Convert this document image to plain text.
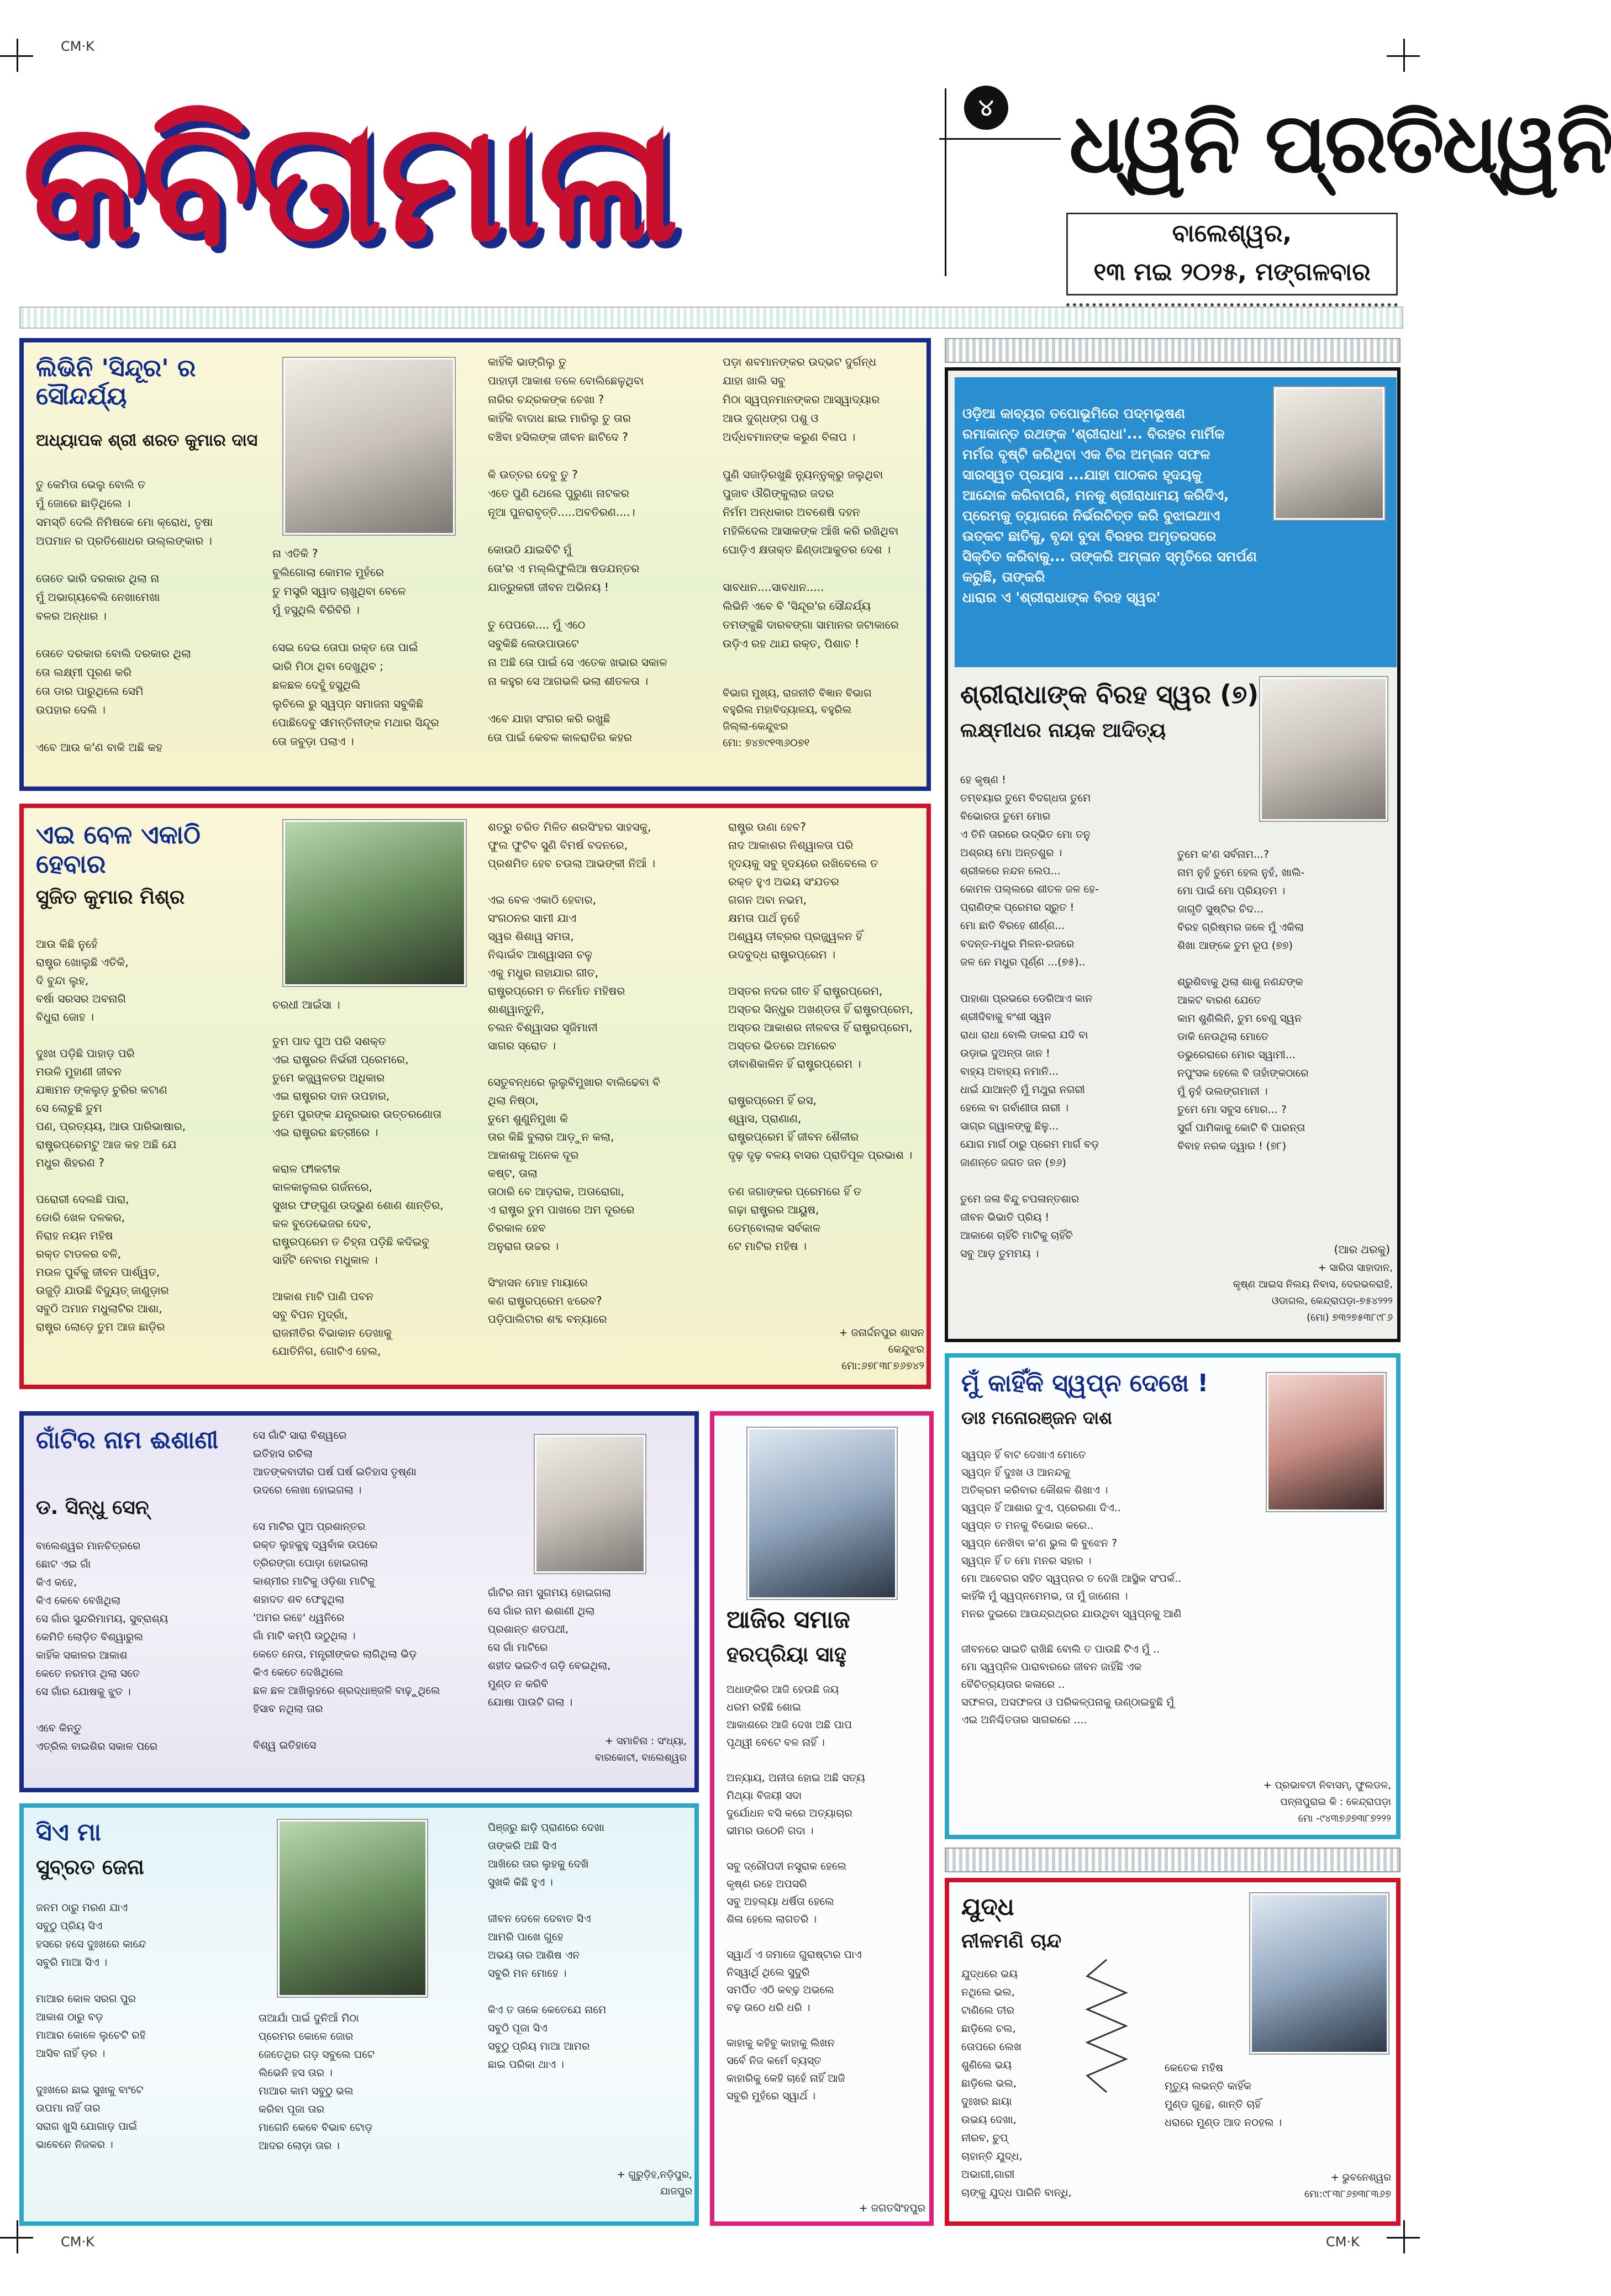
CM·K
CM·K	CM·K
କବିତାମାଳା	୪ ଧ୍ୱନି ପ୍ରତିଧ୍ୱନି
ବାଲେଶ୍ୱର,
୧୩ ମଇ ୨୦୨୫, ମଙ୍ଗଳବାର
ଲିଭିନି 'ସିନ୍ଦୂର' ର ସୌନ୍ଦର୍ଯ୍ୟ
ଅଧ୍ୟାପକ ଶ୍ରୀ ଶରତ କୁମାର ଦାସ
ତୁ କେମିତା ଭେଲୁ ବୋଲି ତ
ମୁଁ ଜୋରେ ଛାଡ଼ିଥିଲେ ।
ସମସ୍ତି ଦେଲି ନିମିଷକେ ମୋ କ୍ରୋଧ, ତୃଷା
ଅପମାନ ର ପ୍ରତିଶୋଧର ଉଲ୍ଲଙ୍କାର ।

ତୋତେ ଭାରି ଦରକାର ଥିଲା ନା
ମୁଁ ଅଭାଗ୍ୟବେଲି ନେଖାମେଖା
ବଳର ଅନ୍ଧାର ।

ତୋତେ ଦରକାର ବୋଲି ଦରକାର ଥିଲା
ତୋ ଲକ୍ଷ୍ମୀ ପୂରଣ କରି
ତୋ ଡାର ପାରୁଥିଲେ ସେମି
ଉପହାର ଦେଲି ।

ଏବେ ଆଉ କ'ଣ ବାକି ଅଛି କହ
ନା ଏତିକି ?
ବୁଲିଗୋଲା କୋମଳ ମୁହଁରେ
ତୁ ମସ୍ତ୍ରି ସ୍ୱାଦ ଚାଖୁଥିବା ବେଳେ
ମୁଁ ହସୁଥିଲି ବିରିବିରି ।

ସେଇ ଦେଇ ତୋପା ରକ୍ତ ତୋ ପାଇଁ
ଭାରି ମିଠା ଥିବା ଦେଖୁଥିବ ;
ଛଳଛଳ ଦେହୁଁ ହସୁଥିଲି
ଲୁଚିଲେ ରୁ ସ୍ୱପ୍ନ ସମାଜନା ସବୁକିଛି
ପୋଛିଦେବୁ ସୀମନ୍ତିନୀଙ୍କ ମଥାର ସିନ୍ଦୂର
ତୋ ଜବୁଡ଼ା ପଲାଏ ।
କାହିଁକି ଭାଙ୍ଗିଲୁ ତୁ
ପାହାଡ଼ୀ ଆକାଶ ତଳେ ବୋଲିଛେଳୁଥିବା
ନାରିର ଚନ୍ଦ୍ରକଙ୍କ ଚେଖା ?
କାହିଁକି ବାଦାଧ ଛାଇ ମାରିଲୁ ତୁ ତାର
ବଞ୍ଚିବା ହସିଲଙ୍କ ଜୀବନ ଛାଟିଦେ ?

କି ଉତ୍ତର ଦେବୁ ତୁ ?
ଏତେ ପୁଣି ଥେଲେ ପୁରୁଣା ନାଟକର
ନୂଆ ପୁନରାବୃତ୍ତି.....ଅବତିରଣ....।

କୋଉଠି ଯାଇବିଟି ମୁଁ
ତୋ'ର ଏ ମଲ୍ଲିଫୁଲିଆ ଷଡଯନ୍ତର
ଯାତ୍ରୁକରୀ ଜୀବନ ଅଭିନୟ !

ତୁ ପେପରେ.... ମୁଁ ଏଠେ
ସବୁକିଛି ଲେଉପାଉଟେ
ନା ଅଛି ତୋ ପାଇଁ ସେ ଏତେକ ଖଭାର ସକାଳ
ନା କହୁର ସେ ଆଗଭଳି ଭଲା ଶୀତଳତା ।

ଏବେ ଯାହା ସଂଗର କରି ରଖୁଛି
ତୋ ପାଇଁ କେବଳ କାଳରାତିର କହର
ପଡ଼ା ଶବମାନଙ୍କର ଉଦ୍ଭଟ ଦୁର୍ଗନ୍ଧ
ଯାହା ଖାଲି ସବୁ
ମିଠା ସ୍ୱପ୍ନମାନଙ୍କର ଆସ୍ୱାଦ୍ୟାର
ଆଉ ଦୁଗ୍ଧଙ୍ଗ ପଶୁ ଓ
ଅର୍ଦ୍ଧବମାନଙ୍କ କରୁଣ ବିଳାପ ।

ପୁଣି ସଜାଡ଼ିରଖୁଛି ନ୍ୟୁନ୍ନୁକ୍ରୁ ଜଲୁଥିବା
ପୁଜାବ ଔଗିଙ୍କୁଲାର ଜଦର
ନିର୍ମମ ଅନ୍ଧକାର ଅବଶେଷି ଦହନ
ମହିଳିଦେଲ ଆସାକଙ୍କ ଆଁଖି କରି ରଖିଥିବା
ଘୋଡ଼ିଏ କ୍ଷତାକ୍ତ ଛିଣ୍ଡାଆକୁତର ଦେଶ ।

ସାବଧାନ....ସାବଧାନ.....
ଲିଭିନି ଏବେ ବି 'ସିନ୍ଦୂର'ର ସୌନ୍ଦର୍ଯ୍ୟ
ତମଙ୍କୁଛି ଦାରବଙ୍ଗା ସାମାନର ଜଟାକାରେ
ଉଡ଼ିଏ ରହ ଥାଯ ରକ୍ତ, ପିଶାଚ !
ବିଭାଗ ମୁଖ୍ୟ, ରାଜନୀତି ବିଜ୍ଞାନ ବିଭାଗ
ବହୁରିଲ ମହାବିଦ୍ୟାଳୟ, ବହୁରିଲ
ଜିଲ୍ଲା-କେନ୍ଦୁଝର
ମୋ: ୭୪୭୯୧୩୬୦୭୧
ଏଇ ବେଳ ଏକାଠି ହେବାର
ସୁଜିତ କୁମାର ମିଶ୍ର
ଆଉ କିଛି ନୁହେଁ
ରାଷ୍ଟ୍ର ଖୋଲୁଛି ଏତିକି,
ଦି ବୁନ୍ଦା ଲୁହ,
ବର୍ଷା ସରସର ଅବନାଗି
ବିଧୁରା ଜୋହ ।

ଦୁଃଖ ପଡ଼ିଛି ପାହାଡ଼ ପରି
ମଉଳି ମୁହାଣୀ ଜୀବନ
ଯଜ୍ଞାମନ ଙ୍କଲୁଡ଼ ଚୁରିର କଟାଣ
ସେ ଲୋଚୁଛି ତୁମ
ପଣ, ପ୍ରତ୍ୟୟ, ଆଉ ପାରିଭାଷାର,
ରାଷ୍ଟ୍ରପ୍ରେମଟୁ ଆଜ କହ ଅଛି ଯେ
ମଧୁର ଶିହରଣ ?

ପରୋରୀ ଦେଲଛି ପାରା,
ଡୋରି ଖେଳ ଦଳକର,
ନିରାହ ନୟନ ମହିଷ
ରକ୍ତ ଟାଡଳର ବଳି,
ମଉଳ ପୁର୍ବକୁ ଜୀବନ ପାର୍ଶ୍ୱତ,
ଉଜୁଡ଼ି ଯାଉଛି ବିଦ୍ୟୁତ୍ ଜାଣୁଡ଼ାର
ସବୁଠି ଅମାନ ମଧୁଲାଟିର ଆଶା,
ରାଷ୍ଟ୍ର ଲୋଡ଼େ ତୁମ ଆଜ ଛାଡ଼ିର
ଚରଧୀ ଆଇଁସା ।

ତୁମ ପାଦ ପୁଅ ପରି ସଶକ୍ତ
ଏଇ ରାଷ୍ଟ୍ରର ନିର୍ଭରୀ ପ୍ରେମରେ,
ତୁମେ କଜ୍ଜ୍ୱଳତର ଅଧିକାର
ଏଇ ରାଷ୍ଟ୍ରର ଦାନ ଉପହାର,
ତୁମେ ପୁରଙ୍କ ଯନ୍ତ୍ରଭାର ଉତ୍ତରଣୋତା
ଏଇ ରାଷ୍ଟ୍ରର ଛତ୍ରୀରେ ।

କରାଳ ଫୀକଟୀକ
କାଳକାଳୁଲର ଗର୍ଜନରେ,
ସୁଖର ଫଙ୍ଗୁଣ ଉଦ୍ଭୁଣ ଶୋଣ ଶାନ୍ତିର,
କଳ ବୁଡେଭେଜର ଦେବ,
ରାଷ୍ଟ୍ରପ୍ରେମ ତ ଚିହ୍ନା ପଡ଼ିଛି କଦିଇବୁ
ସାହିଁଟି ନେବାର ମଧୁକାଳ ।

ଆକାଶ ମାଟି ପାଣି ପବନ
ସବୁ ବିପନ ମୁଦ୍ରାଁ,
ରାଜନୀତିର ବିଭାକାନ ଡେଖାକୁ
ଯୋତିନିଗ, ଗୋଟିଏ ହେଲ,
ଶତ୍ରୁ ଚରିତ ମିଳିତ ଶରସିଂହର ସାହସକୁ,
ଫୁଲ ଫୁଟିବ ସୁଣି ବିମର୍ଷ ବଦନରେ,
ପ୍ରଶମିତ ହେବ ଚଉଲା ଆଭଙ୍କୀ ନିଆଁ ।

ଏଇ ବେଳ ଏକାଠି ହେବାର,
ସଂଗଠନର ସାମୀ ଯାଏ
ସ୍ୱର ଶିଶାୱ ସମତା,
ନିଶ୍ଚାଇଁବ ଆଶ୍ୱାସନା ଚଳୁ
ଏକୁ ମଧୁର ନାହାଯାର ଗୀତ,
ରାଷ୍ଟ୍ରପ୍ରେମ ତ ନିର୍ମୋତ ମହିଷର
ଶାଶ୍ୱାନ୍ତୁନି,
ଚଲନ ବିଶ୍ୱାସର ସୃଜିମାନୀ
ସାଗର ସ୍ରୋତ ।

ସେତୁବନ୍ଧରେ ଲୁଲୁବିମୁଖାର ବାଲିଢେବା ବି
ଥିଲା ନିଷ୍ଠା,
ତୁମେ ଶୁଣୁନିମୁଖା କି
ତାର କିଛି ବୁଲାର ଆଡ଼ୁନ କଲା,
ଆକାଶକୁ ଅନେକ ଦୂର
କଷ୍ଟ, ତାଲା
ତାଠାରି ବେ ଆଡ଼ରାକ, ଅତାରୋଗା,
ଏ ରାଷ୍ଟ୍ର ତୁମ ପାଖରେ ଅମ ଦୂରରେ
ଚିରକାଳ ହେବ
ଅନୁରାଗ ଉଚ୍ଚର ।

ସିଂହାସନ ମୋହ ମାୟାରେ
କଣ ରାଷ୍ଟ୍ରପ୍ରେମ ଝରେବ?
ପଡ଼ିପାଲିଟାର ଶବ୍ଦ ବନ୍ୟାରେ
ରାଷ୍ଟ୍ର ଉଣା ହେବ?
ନାଦ ଆକାଶର ନିଶ୍ୱାଳତା ପରି
ହୃଦୟକୁ ସବୁ ହୃଦୟରେ ରଖିବେଲେ ତ
ରକ୍ତ ହୁଏ ଅଭୟ ସଂଯତର
ଗଗନ ଅବା ନଭମ,
କ୍ଷମତା ପାର୍ଥ ନୁହେଁ
ଅଶ୍ୱୟ ତୀବ୍ରର ପ୍ରଜ୍ଜ୍ୱଳନ ହିଁ
ଉଦବୁଦ୍ଧ ରାଷ୍ଟ୍ରପ୍ରେମ ।

ଅସ୍ତର ନଦର ଗୀତ ହିଁ ରାଷ୍ଟ୍ରପ୍ରେମ,
ଅସ୍ତର ସିନ୍ଧୁର ଅଖଣ୍ଡତା ହିଁ ରାଷ୍ଟ୍ରପ୍ରେମ,
ଅସ୍ତର ଆକାଶର ନୀଳବତା ହିଁ ରାଷ୍ଟ୍ରପ୍ରେମ,
ଅସ୍ତର ଭିତରେ ଅମରେବ
ଡୀବାଶିକାଳିନ ହିଁ ରାଷ୍ଟ୍ରପ୍ରେମ ।

ରାଷ୍ଟ୍ରପ୍ରେମ ହିଁ ରସ,
ଶ୍ୱାସ, ପ୍ରାଣାଣ,
ରାଷ୍ଟ୍ରପ୍ରେମ ହିଁ ଜୀବନ ଶୈଳୀର
ଦୃଢ଼ ଦୃଢ଼ ବଳୟ ବାସର ପ୍ରାତିପୂଳ ପ୍ରଭାଶ ।

ତଣ ଜଗାଙ୍କର ପ୍ରେମରେ ହିଁ ତ
ଗଢ଼ା ରାଷ୍ଟ୍ରର ଆୟୁଷ,
ଡେମ୍ବୋଲାକ ସର୍ବକାଳ
ଟେ ମାଟିର ମହିଷ ।
+ ଜନାର୍ଦ୍ଦନପୁର ଶାସନ
କେନ୍ଦୁଝର
ମୋ:୬୭୮୩୮୭୬୭୪୨

ଓଡ଼ିଆ କାବ୍ୟର ତପୋଭୂମିରେ ପଦ୍ମଭୂଷଣ
ରମାକାନ୍ତ ରଥଙ୍କ 'ଶ୍ରୀରାଧା'... ବିରହର ମାର୍ମିକ
ମର୍ମର ବୃଷ୍ଟି କରିଥିବା ଏକ ଚିର ଅମ୍ଳାନ ସଫଳ
ସାରସ୍ୱତ ପ୍ରୟାସ ...ଯାହା ପାଠକର ହୃଦୟକୁ
ଆନ୍ଦୋଳ କରିବାପରି, ମନକୁ ଶ୍ରୀରାଧାମୟ କରିଦିଏ,
ପ୍ରେମକୁ ତ୍ୟାଗରେ ନିର୍ଭରଚିତ୍ତ କରି ବୁଝାଇଥାଏ
ଉତ୍କଟ ଛାତିକୁ, ବୃନ୍ଦା ବୁଦା ବିରହର ଅମୃତରସରେ
ସିକ୍ତିତ କରିବାକୁ... ତାଙ୍କରି ଅମ୍ଳାନ ସ୍ମୃତିରେ ସମର୍ପଣ କରୁଛି, ତାଙ୍କରି
ଧାରାର ଏ 'ଶ୍ରୀରାଧାଙ୍କ ବିରହ ସ୍ୱର'

ଶ୍ରୀରାଧାଙ୍କ ବିରହ ସ୍ୱର (୭)
ଲକ୍ଷ୍ମୀଧର ନାୟକ ଆଦିତ୍ୟ
ହେ କୃଷ୍ଣ !
ତମ୍ବୟାର ତୁମେ ବିଦଗ୍ଧତା ତୁମେ
ବିଭୋରତା ତୁମେ ମୋର
ଏ ତିନି ତାରରେ ଉଦ୍ଭିତ ମୋ ତନୁ
ଅଶ୍ରୟ ମୋ ଅନ୍ତଶୁର ।
ଶ୍ରୀକରେ ନନ୍ଦନ ଲେପ...
କୋମଳ ପଲ୍ଲରେ ଶୀତଳ ଜଳ ହେ-
ପ୍ରାଣିଙ୍କ ପ୍ରେମର ସ୍ରୁତ !
ମୋ ଛାତି ବିରହେ ଶୀର୍ଣ୍ଣ...
ବଦନ୍ତ-ମଧୁର ମିଳନ-ରଜରେ
ଜଳ ନେ ମଧୁର ପୂର୍ଣ୍ଣ ...(୭୫)..

ପାହାଶା ପ୍ରଭରେ ଡେରିଆଏ କାନ
ଶ୍ରୀଦିବାକୁ ବଂଶୀ ସ୍ୱନ
ରାଧା ରାଧା ବୋଲି ଡାକରା ଯଦି ବା
ଉଡ଼ାଇ ଦୁଅନ୍ତା ଜାନ !
ବାହ୍ୟ ଅବାହ୍ୟ ନମାନି...
ଧାଇଁ ଯାଆନ୍ତି ମୁଁ ମଥୁରା ନଗରୀ
ହେଲେ ବା ଗର୍ବାଣୀତା ନାରୀ ।
ସାଗ୍ର ଗ୍ୱାଳଙ୍କୁ ଛିଳୁ...
ଯୋଗ ମାର୍ଗ ଠାରୁ ପ୍ରେମ ମାର୍ଗ ବଡ଼
ଜାଣନ୍ତେ ଜଗତ ଜନ (୭୬)

ତୁମେ ଜଳା ବିନ୍ଦୁ ଚପଳାନ୍ତଶାର
ଜୀବନ ଭିଭାତି ପ୍ରିୟ !
ଆକାଶେ ଚାହିଁଚି ମାଟିକୁ ଚାହିଁଚି
ସବୁ ଆଡ଼ ତୁମମୟ ।
ତୁମେ କ'ଣ ସର୍ବନାମ...?
ନାମ ନୁହଁ ତୁମେ ହେଲ ନୁହଁ, ଖାଲି-
ମୋ ପାଇଁ ମୋ ପ୍ରିୟତମ ।
ଜାଗୃତି ସୁଷ୍ଟିର ଚିଦ...
ବିରହ ଗ୍ରିଷ୍ମର ଜଳେ ମୁଁ ଏକିଲା
ଶିଖା ଆଙ୍କେ ତୁମ ରୂପ (୭୭)

ଶ୍ରୁଶିବାକୁ ଥିଲା ଶାଶୁ ନଣନ୍ଦଙ୍କ
ଆକଟ ବାରଣ ଯେତେ
କାମ ଶୁଣିଲିନି, ତୁମ ବେଣୁ ସ୍ୱନ
ଡାକି ନେଉଥିଲା ମୋତେ
ଡଭୁରେରାରେ ମୋର ସ୍ୱାମୀ...
ନପୁଂସକ ହେଲେ ବି ତାହାଁଙ୍କଠାରେ
ମୁଁ ନୁହଁ ଉଲଙ୍ଗମାନୀ ।
ତୁମେ ମୋ ସବୁସ ମୋର... ?
ସୁର୍ଗ ପାମିକାକୁ କୋଟି ବି ପାରନ୍ତା
ବିବାହ ନରକ ଦ୍ୱାର ! (୭୮)
(ଆର ଥରକୁ)
+ ସାରିତା ସାହାଦାନ,
କୃଷ୍ଣ ଆଇସ ନିଲୟ ନିବାସ, ଦେରଭଳରାହି,
ଓଡାଗଲ, କେନ୍ଦ୍ରାପଡ଼ା-୭୫୪୨୨୨
(ମୋ) ୭୩୨୭୫୩୮୯୮୬
ମୁଁ କାହିଁକି ସ୍ୱପ୍ନ ଦେଖେ !
ଡାଃ ମନୋରଞ୍ଜନ ଦାଶ
ସ୍ୱପ୍ନ ହିଁ ବାଟ ଦେଖାଏ ମୋତେ
ସ୍ୱପ୍ନ ହିଁ ଦୁଃଖ ଓ ଆନନ୍ଦକୁ
ଅତିକ୍ରମ କରିବାର କୌଶଳ ଶିଖାଏ ।
ସ୍ୱପ୍ନ ହିଁ ଆଶାର ଦୁଏ, ପ୍ରେରଣା ଦିଏ..
ସ୍ୱପ୍ନ ତ ମନକୁ ବିଭୋର କରେ..
ସ୍ୱପ୍ନ ନେଖିବା କ'ଣ ଭୁଲ କି ବୁଝେନ ?
ସ୍ୱପ୍ନ ହିଁ ତ ମୋ ମନର ସହାର ।
ମୋ ଆବେଗର ସହିତ ସ୍ୱପ୍ନର ତ ଦେଖି ଆସ୍ଥିକ ସଂପର୍କ..
କାହିଁକି ମୁଁ ସ୍ୱପ୍ନମେମଭ, ତା ମୁଁ ଜାଣେନା ।
ମନର ଦୁଇରେ ଆଉନ୍ଦ୍ରଥ୍ରର ଯାଉଥିବା ସ୍ୱପ୍ନକୁ ଆଣି

ଜୀବନରେ ସାଇତି ରାଖିଛି ବୋଲି ତ ପାଉଛି ଟିଏ ମୁଁ ..
ମୋ ସ୍ୱପ୍ନିଳ ପାରାବାରରେ ଜୀବନ ଜାହିଁଛି ଏକ
ବୈଚିତ୍ର୍ୟତାର କଳାରେ ..
ସଫଳତା, ଅସଫଳତା ଓ ପରିକଳ୍ପନାକୁ ଉଣ୍ଠାଇବୁଛି ମୁଁ
ଏଇ ଅନିଶ୍ଚିତତାର ସାଗରରେ ....
+ ପ୍ରଭାବତୀ ନିବାସମ୍, ଫୁଲଡଳ,
ପନ୍ନାପୁରାଇ କି : କେନ୍ଦ୍ରାପଡ଼ା
ମୋ -୯୪୩୭୬୭୩୮୭୨୨୨
ଗାଁଟିର ନାମ ଈଶାଣୀ
ଡ. ସିନ୍ଧୁ ସେନ୍
ବାଲେଶ୍ୱର ମାନଚିତ୍ରରେ
ଛୋଟ ଏଇ ଗାଁ
କିଏ କହେ,
କିଏ କେବେ ବେଖିଥିଲା
ସେ ଗାଁର ସୁନ୍ଦରିମାମୟ, ସୁବ୍ରାଶ୍ୟ
କେମିତି ଲୋଡ଼ିତ ବିଶ୍ୱାରୁଲ
କାହିଁକ ସକାଳର ଆକାଶ
କେତେ ନରମତା ଥିଲା ସତେ
ସେ ଗାଁର ଯୋଷକୁ ଝୁତ ।

ଏବେ କିନ୍ତୁ
ଏତ୍ରିଲ ବାଇଶିର ସକାଳ ପରେ
ସେ ଗାଁଟି ସାରା ବିଶ୍ୱରେ
ଇତିହାସ ରଚିଲା
ଆତଙ୍କବାଦୀର ଘର୍ଷ ଘର୍ଷ ଇତିହାସ ତୃଷ୍ଣା
ଉଦରେ ଲେଖା ହୋଇଗଲା ।

ସେ ମାଟିର ପୁଅ ପ୍ରଶାନ୍ତର
ରକ୍ତ ଲୁହକୁହୁ ଦ୍ୱବାଁକ ଉପରେ
ତ୍ରିରଙ୍ଗା ଘୋଡ଼ା ହୋଇଗଲା
କାଶ୍ମୀର ମାଟିକୁ ଓଡ଼ିଶା ମାଟିକୁ
ଶହାଦତ ଶବ ଫେହୁଥିଲା
'ଅମର ରହେ' ଧ୍ୱନିରେ
ଗାଁ ମାଟି କମ୍ପି ଉଠୁଥିଲା ।
କେତେ ନେତା, ମନ୍ତ୍ରୀଙ୍କର ଲାଗିଥିଲା ଭିଡ଼
କିଏ କେତେ ଦେଖିଥିଲେ
ଛଳ ଛଳ ଆଖିଲୁହରେ ଶ୍ରଦ୍ଧାଞ୍ଜଳି ବାଢ଼ୁଥିଲେ
ହିସାବ ନଥିଲା ତାର

ବିଶ୍ୱ ଇତିହାସେ
ଗାଁଟିର ନାମ ସୁଗମୟ ହୋଇଗଲା
ସେ ଗାଁର ନାମ ଈଶାଣୀ ଥିଲା
ପ୍ରଶାନ୍ତ ଶତପଥୀ,
ସେ ଗାଁ ମାଟିରେ
ଶହୀଦ ଭଇତିଏ ଗଡ଼ି ବେଇଥିଲା,
ମୁଣ୍ଡ ନ କରିବି
ଯୋଷା ପାଉଟି ଗଲା ।
+ ସମାଚିନା : ସଂଧ୍ୟା,
ବାରକୋଟୀ, ବାଲେଶ୍ୱର
ଆଜିର ସମାଜ
ହରପ୍ରିୟା ସାହୁ
ଅଧାଙ୍କିର ଆଜି ହେଉଛି ଜୟ
ଧରମ ରହିଛି ଶୋଇ
ଆକାଶରେ ଆଜି ଦେଖ ଅଛି ପାପ
ପୃଥ୍ୱୀ ବେଟେ ବଳ ନାହିଁ ।

ଅନ୍ୟାୟ, ଅନୀତା ହୋଇ ଅଛି ସତ୍ୟ
ମିଥ୍ୟା ବିଜୟୀ ସଦା
ଦୁର୍ଯୋଧନ ବସି କରେ ଅତ୍ୟାଚାର
ଭୀମର ଉଠେନି ଗଦା ।

ସବୁ ଦ୍ରୌପଦୀ ନସ୍ତ୍ରାକ ହେଲେ
କୃଷ୍ଣ ରହେ ଅପସରି
ସବୁ ଅହଲ୍ୟା ଧର୍ଷିତା ହେଲେ
ଶିଳା ହେଲେ ଲାଗତରି ।

ସ୍ୱାର୍ଥ ଏ ଜମାଜେ ଗୁରାଷ୍ଟାର ପାଏ
ନିସ୍ୱାର୍ଥି ଥିଲେ ସୁଦୁରି
ସମର୍ପିତ ଏଠି କବ୍ଢ଼ ଅଭଲେ
ବଢ଼ ଉଠେ ଧରି ଧରି ।

କାହାକୁ କହିବୁ କାହାକୁ ଲିଖନ
ସର୍ବେ ନିଜ କର୍ମେ ବ୍ୟସ୍ତ
କାହାରିକୁ କେହି ଚାହେଁ ନାହିଁ ଆଜି
ସବୁରି ମୁହଁରେ ସ୍ୱାର୍ଥ ।
+ ଜଗତସିଂହପୁର
ସିଏ ମା
ସୁବ୍ରତ ଜେନା
ଜନମ ଠାରୁ ମରଣ ଯାଏ
ସବୁଠୁ ପ୍ରିୟ ସିଏ
ହସରେ ହସେ ଦୁଃଖରେ କାନ୍ଦେ
ସବୁରି ମାଆ ସିଏ ।

ମାଆର କୋଳ ସରଗ ପୁର
ଆକାଶ ଠାରୁ ବଡ଼
ମାଆର କୋଳେ ଲୁଚେଟି ରହି
ଆସିବ ନାହିଁ ଡ଼ର ।

ଦୁଃଖରେ ଛାଇ ସୁଖକୁ ବାଂଟେ
ଉପମା ନାହିଁ ତାର
ସରାଗ ଖୁସି ଯୋଗାଡ଼ ପାଇଁ
ଭାବେନେ ନିଜକର ।
ତାଆଯାଁ ପାଇଁ ଦୁନିଆଁ ମିଠା
ପ୍ରେମର କୋଳେ ଜୋର
ଜେତେଥିର ଗଡ଼ ସବୁଲେ ଘଟେ
ଲିଭେନି ହସ ତାର ।
ମାଆର କାମ ସବୁଠୁ ଭଲ
କରିବା ପୂଜା ତାର
ମାଗେନି କେବେ ବିଭାବ ଟୋଡ଼
ଆଦର ଲୋଡ଼ା ତାର ।
ପିଞ୍ଜରୁ ଛାଡ଼ି ପ୍ରାଣରେ ଦେଖା
ତାଙ୍କରି ଅଛି ସିଏ
ଆଖିରେ ତାର ଲୁହକୁ ଦେଖି
ସୁଖକି କିଛି ହୁଏ ।

ଜୀବନ ଦେଳେ ଦେବାତ ସିଏ
ଆମରି ପାଖେ ଗୁହେ
ଅଭୟ ତାର ଆଶିଷ ଏନ
ସବୁରି ମନ ମୋହେ ।

କିଏ ତ ତାକେ କେତେଯେ ନାମେ
ସବୁଠି ପୂଜା ସିଏ
ସବୁଠୁ ପ୍ରିୟ ମାଆ ଆମର
ଛାଇ ପରିକା ଥାଏ ।
+ ଗୁରୁଡ଼ିହ,ନଡ଼ିପୁର,
ଯାଜପୁର
ଯୁଦ୍ଧ
ନୀଳମଣି ଚାନ୍ଦ
ଯୁଦ୍ଧରେ ଭୟ
ନଥିଲେ ଭଲ,
ଟାଣିଲେ ତୀର
ଛାଡ଼ିଲେ ଚଲ,
ତୋପରେ ଲେଖ
ଶୁଣିଲେ ଭୟ
ଛାଡ଼ିଲେ ଭଲ,
ଦୁଃଖର ଛାୟା
ଉଭୟ ଦେଖା,
ନୀରବ, ଚୁପ୍
ଚାହାନ୍ତି ଯୁଦ୍ଧ,
ଅଭାଗୀ,ଗାରୀ
ଚାଙ୍କୁ ଯୁଦ୍ଧ ପାରିନି ବାନ୍ଧି,
କେତେକ ମହିଷ
ମୃତ୍ୟୁ ଲଭନ୍ତି କାହିଁକ
ମୁଣ୍ଡ ଗୁନ୍ଥେ, ଶାନ୍ତି ଚାହିଁ
ଧରାରେ ମୁଣ୍ଡ ଆଦ ନଠହଲ ।
+ ଭୁବନେଶ୍ୱର
ମୋ:୯୮୩୮୬୭୩୮୩୬୭
